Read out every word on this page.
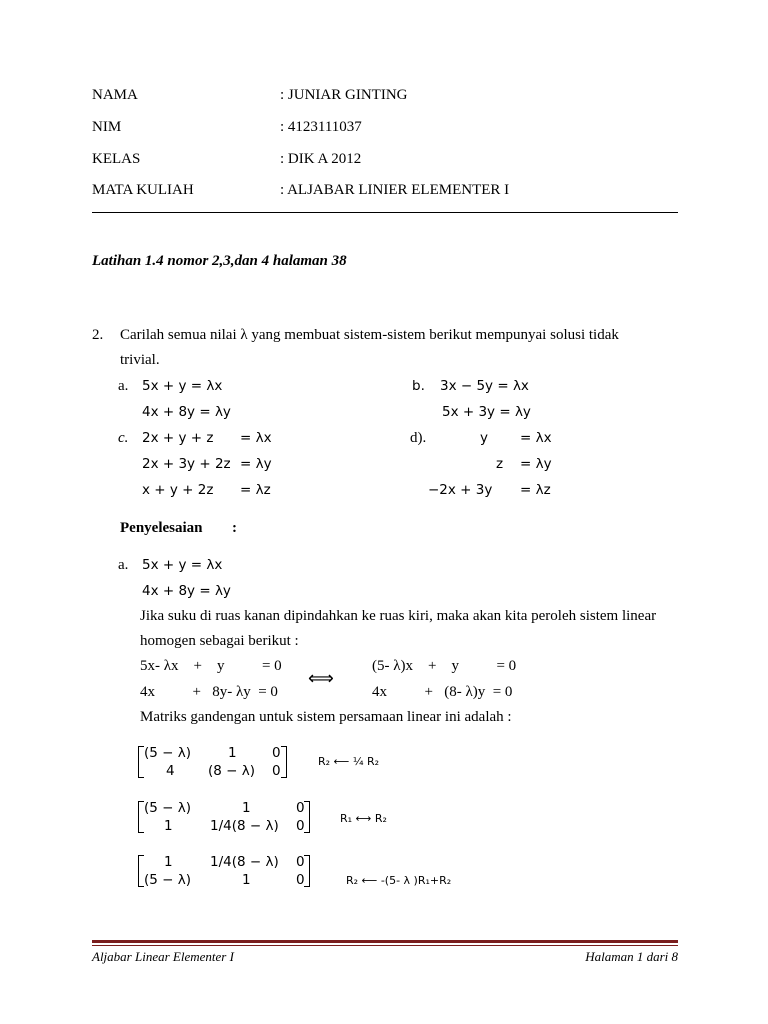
NAMA	: JUNIAR GINTING
NIM	: 4123111037
KELAS	: DIK A 2012
MATA KULIAH	: ALJABAR LINIER ELEMENTER I
Latihan 1.4 nomor 2,3,dan 4 halaman 38
2. Carilah semua nilai λ yang membuat sistem-sistem berikut mempunyai solusi tidak
trivial.
a. 5x + y = λx
4x + 8y = λy
b. 3x − 5y = λx
5x + 3y = λy
c. 2x + y + z = λx
2x + 3y + 2z = λy
x + y + 2z = λz
d).	y = λx
z = λy
−2x + 3y = λz
Penyelesaian :
a. 5x + y = λx
4x + 8y = λy
Jika suku di ruas kanan dipindahkan ke ruas kiri, maka akan kita peroleh sistem linear
homogen sebagai berikut :
5x- λx    +    y          = 0
4x          +   8y- λy  = 0
⟺
(5- λ)x    +    y          = 0
4x          +   (8- λ)y  = 0
Matriks gandengan untuk sistem persamaan linear ini adalah :
(5 − λ)	1	0
4 (8 − λ) 0
R₂ ⟵ ¼ R₂
(5 − λ)	1	0
1	1/4(8 − λ) 0	R₁ ⟷ R₂
1	1/4(8 − λ) 0
(5 − λ)	1	0	R₂ ⟵ -(5- λ )R₁+R₂
Aljabar Linear Elementer I	Halaman 1 dari 8
